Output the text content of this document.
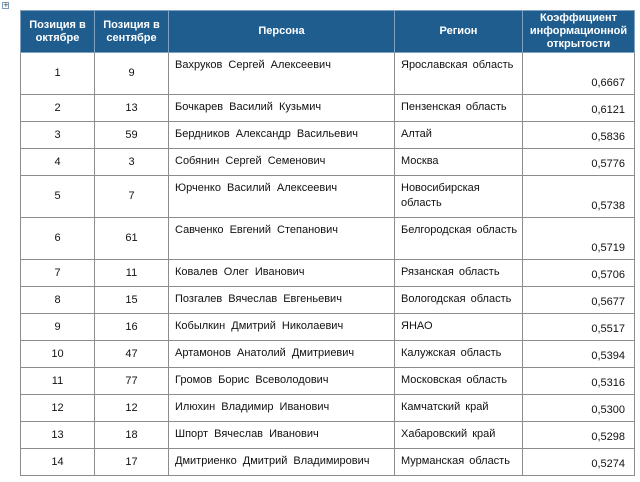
+
Позиция в октябре	Позиция в сентябре	Персона	Регион	Коэффициент информационной открытости
1	9	Вахруков Сергей Алексеевич	Ярославская область	0,6667
2	13	Бочкарев Василий Кузьмич	Пензенская область	0,6121
3	59	Бердников Александр Васильевич	Алтай	0,5836
4	3	Собянин Сергей Семенович	Москва	0,5776
5	7	Юрченко Василий Алексеевич	Новосибирская область	0,5738
6	61	Савченко Евгений Степанович	Белгородская область	0,5719
7	11	Ковалев Олег Иванович	Рязанская область	0,5706
8	15	Позгалев Вячеслав Евгеньевич	Вологодская область	0,5677
9	16	Кобылкин Дмитрий Николаевич	ЯНАО	0,5517
10	47	Артамонов Анатолий Дмитриевич	Калужская область	0,5394
11	77	Громов Борис Всеволодович	Московская область	0,5316
12	12	Илюхин Владимир Иванович	Камчатский край	0,5300
13	18	Шпорт Вячеслав Иванович	Хабаровский край	0,5298
14	17	Дмитриенко Дмитрий Владимирович	Мурманская область	0,5274
